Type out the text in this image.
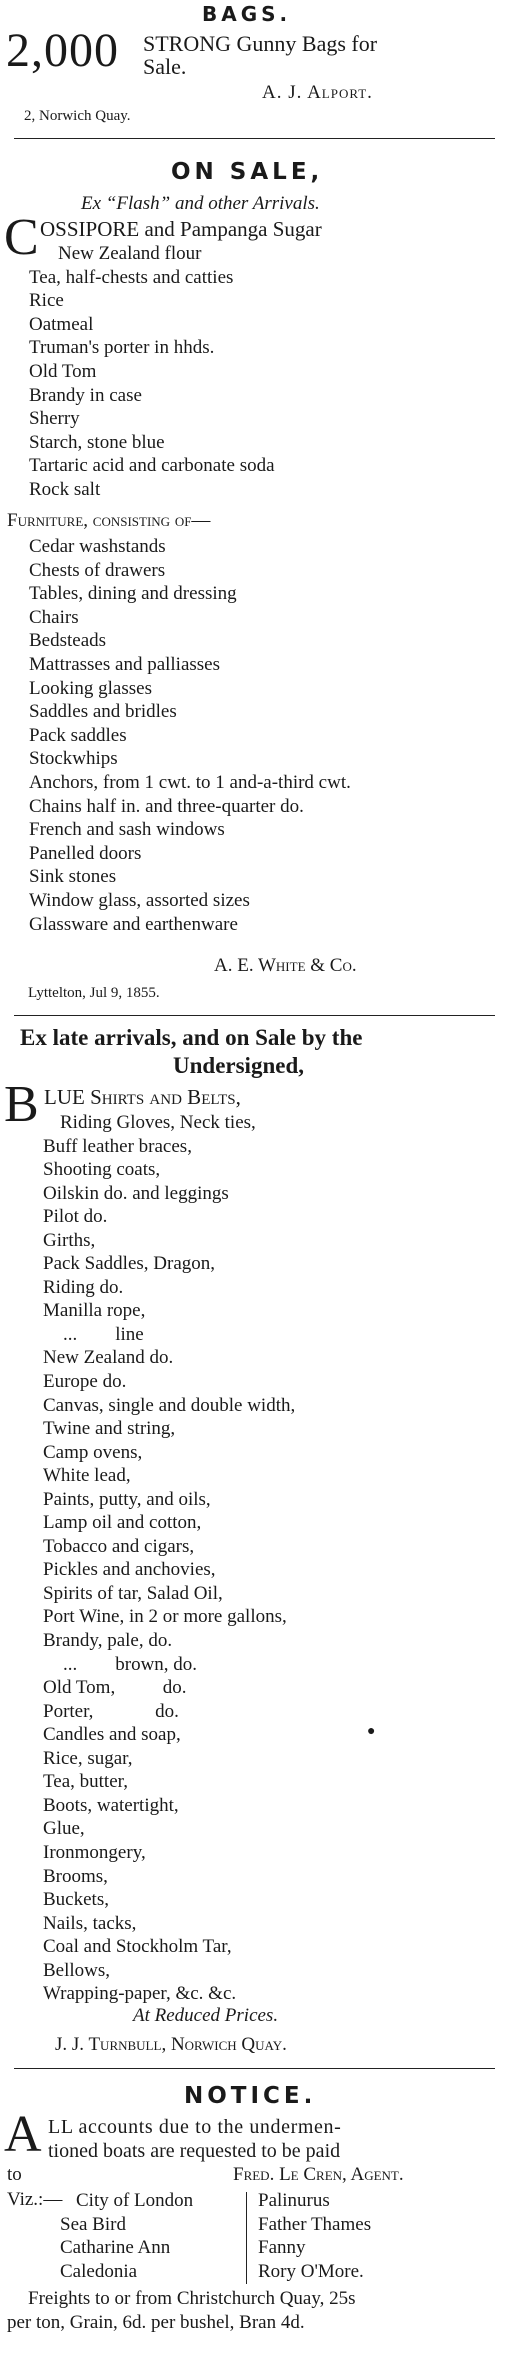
BAGS.
2,000 STRONG Gunny Bags for
Sale.
A. J. Alport.
2, Norwich Quay.
ON SALE,
Ex “Flash” and other Arrivals.
C OSSIPORE and Pampanga Sugar
New Zealand flour
Tea, half-chests and catties
Rice
Oatmeal
Truman's porter in hhds.
Old Tom
Brandy in case
Sherry
Starch, stone blue
Tartaric acid and carbonate soda
Rock salt
Furniture, consisting of—
Cedar washstands
Chests of drawers
Tables, dining and dressing
Chairs
Bedsteads
Mattrasses and palliasses
Looking glasses
Saddles and bridles
Pack saddles
Stockwhips
Anchors, from 1 cwt. to 1 and-a-third cwt.
Chains half in. and three-quarter do.
French and sash windows
Panelled doors
Sink stones
Window glass, assorted sizes
Glassware and earthenware
A. E. White & Co.
Lyttelton, Jul 9, 1855.
Ex late arrivals, and on Sale by the
Undersigned,
B LUE Shirts and Belts,
Riding Gloves, Neck ties,
Buff leather braces,
Shooting coats,
Oilskin do. and leggings
Pilot do.
Girths,
Pack Saddles, Dragon,
Riding do.
Manilla rope,
...        line
New Zealand do.
Europe do.
Canvas, single and double width,
Twine and string,
Camp ovens,
White lead,
Paints, putty, and oils,
Lamp oil and cotton,
Tobacco and cigars,
Pickles and anchovies,
Spirits of tar, Salad Oil,
Port Wine, in 2 or more gallons,
Brandy, pale, do.
...        brown, do.
Old Tom,          do.
Porter,             do.
Candles and soap,
Rice, sugar,
Tea, butter,
Boots, watertight,
Glue,
Ironmongery,
Brooms,
Buckets,
Nails, tacks,
Coal and Stockholm Tar,
Bellows,
Wrapping-paper, &c. &c.
●
At Reduced Prices.
J. J. Turnbull, Norwich Quay.
NOTICE.
A LL accounts due to the undermen-
tioned boats are requested to be paid
to	Fred. Le Cren, Agent.
Viz.:— City of London
Sea Bird
Catharine Ann
Caledonia
Palinurus
Father Thames
Fanny
Rory O'More.
Freights to or from Christchurch Quay, 25s
per ton, Grain, 6d. per bushel, Bran 4d.
